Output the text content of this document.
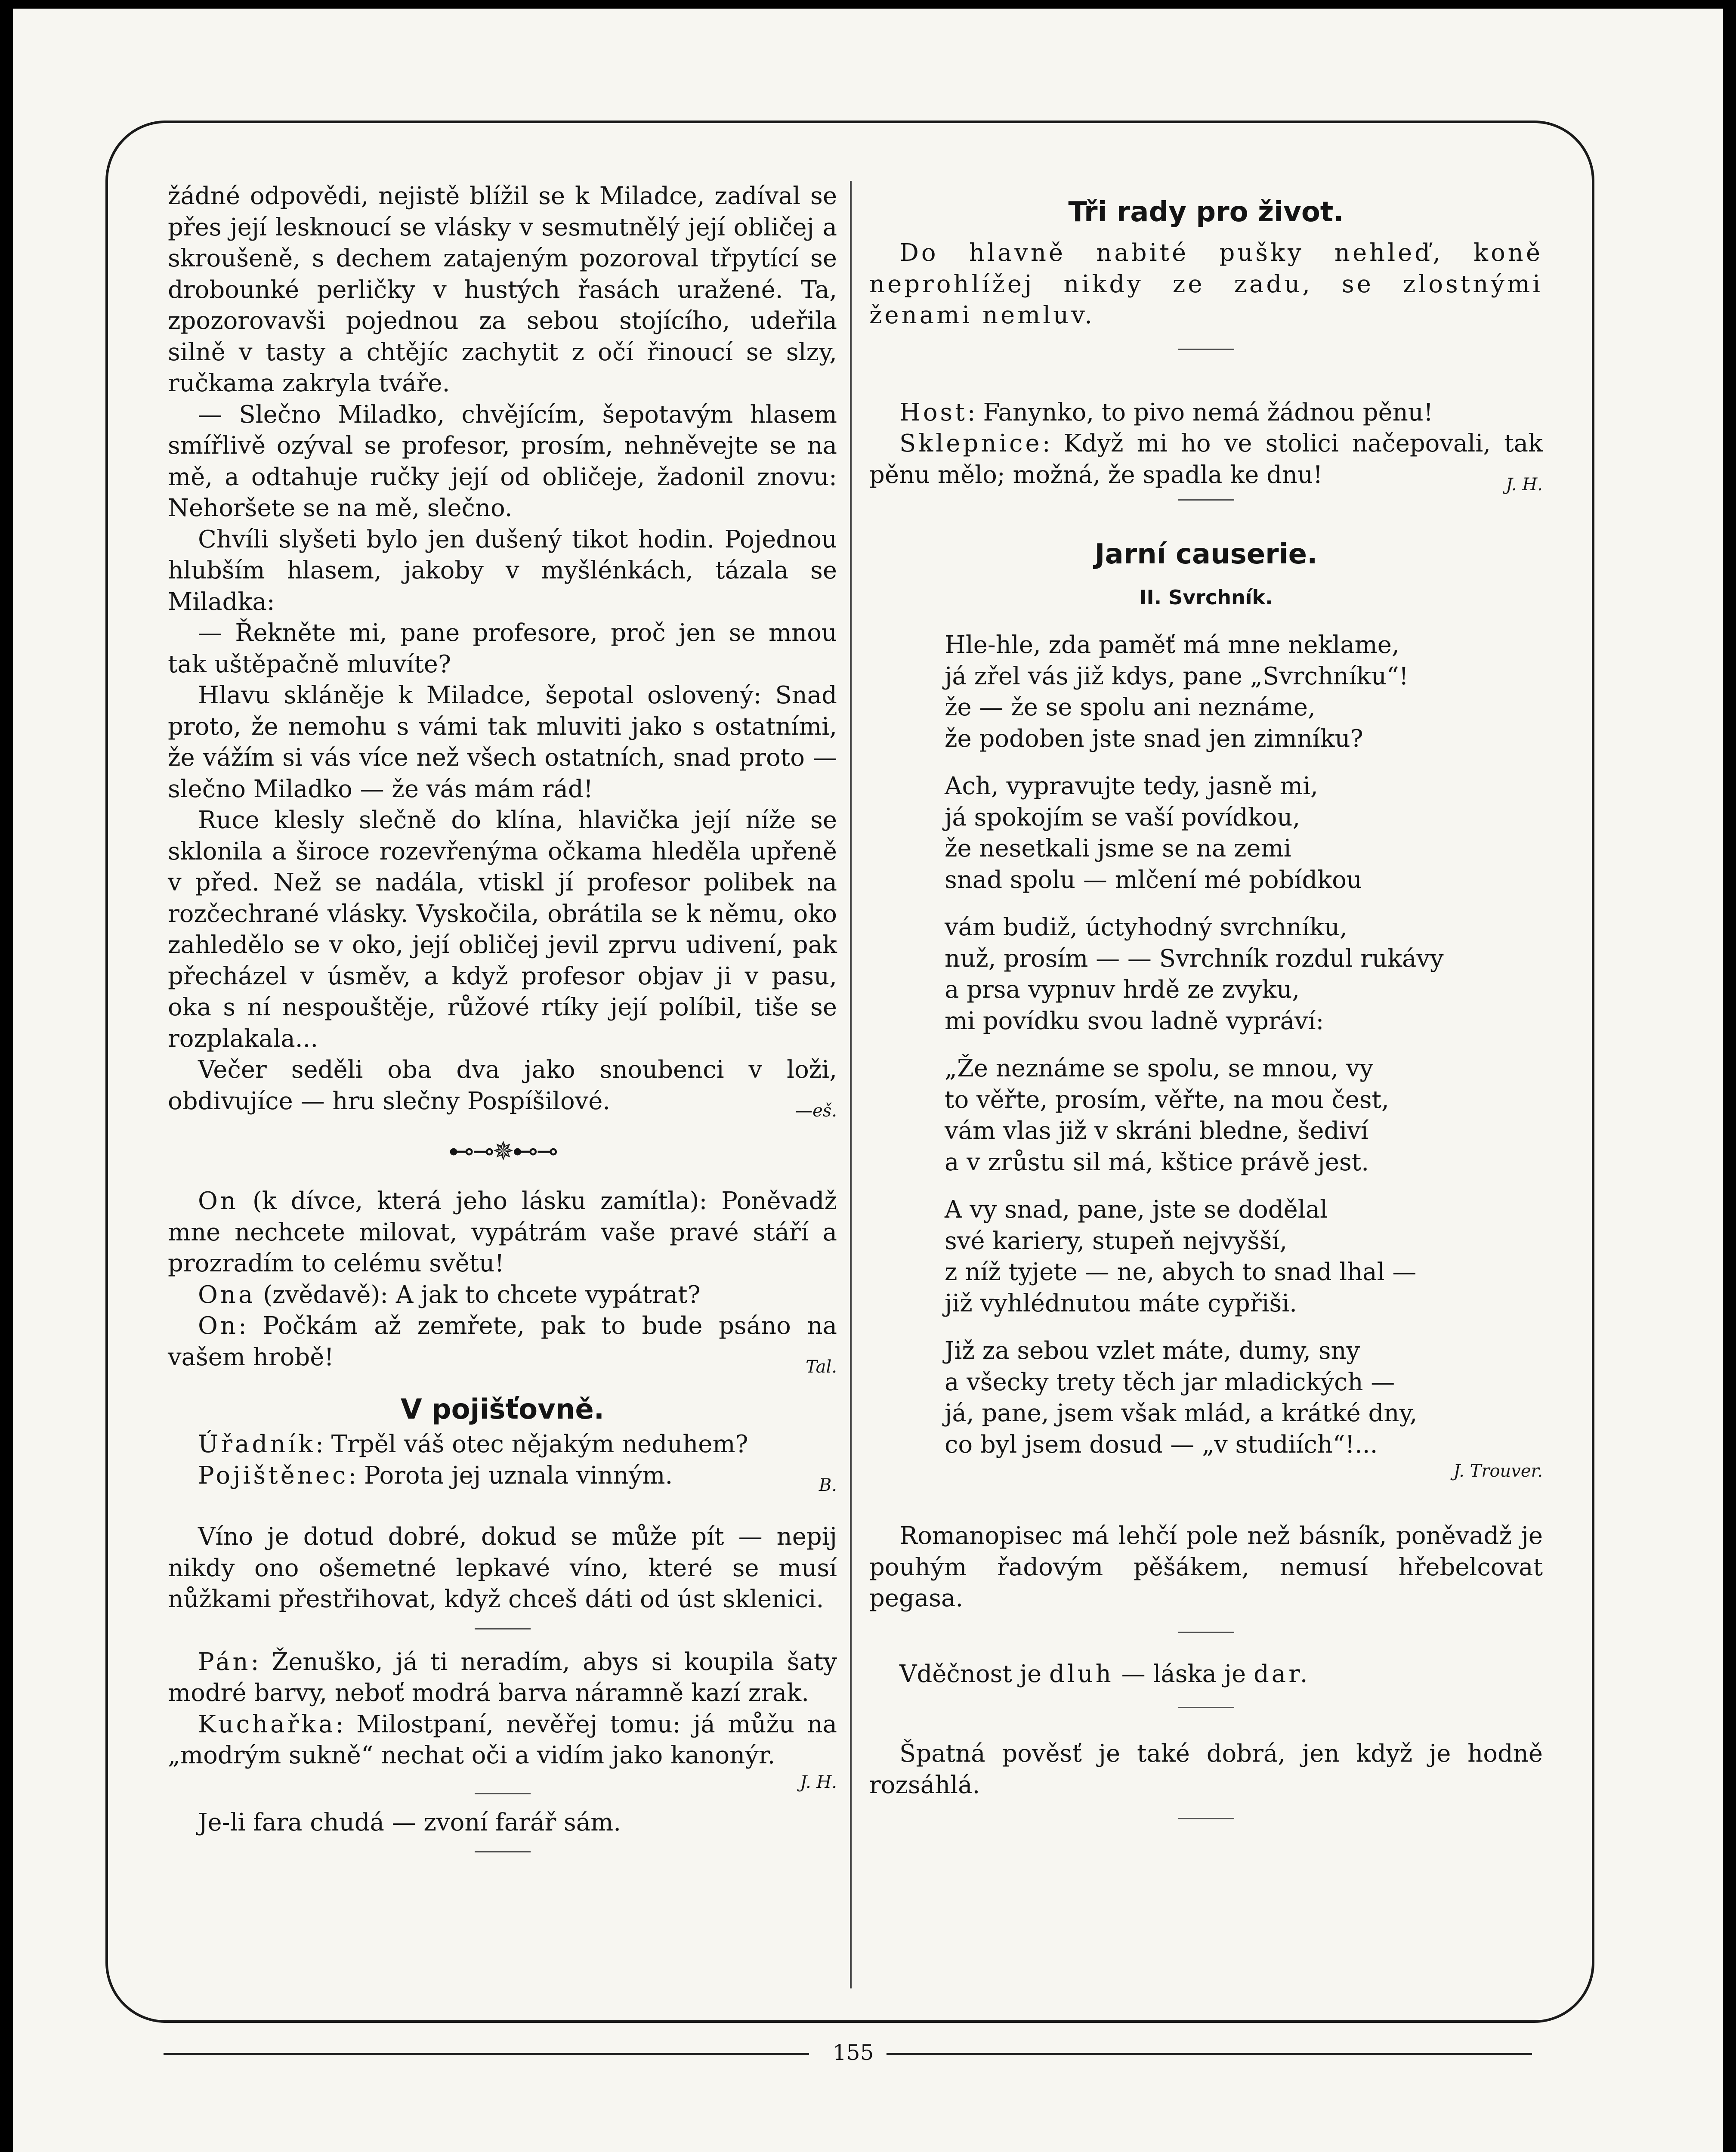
žádné odpovědi, nejistě blížil se k Miladce, zadíval se přes její lesknoucí se vlásky v sesmutnělý její obličej a skroušeně, s dechem zatajeným pozoroval třpytící se drobounké perličky v hustých řasách uražené. Ta, zpozorovavši pojednou za sebou stojícího, udeřila silně v tasty a chtějíc zachytit z očí řinoucí se slzy, ručkama zakryla tváře.

— Slečno Miladko, chvějícím, šepotavým hlasem smířlivě ozýval se profesor, prosím, nehněvejte se na mě, a odtahuje ručky její od obličeje, žadonil znovu: Nehoršete se na mě, slečno.

Chvíli slyšeti bylo jen dušený tikot hodin. Pojednou hlubším hlasem, jakoby v myšlénkách, tázala se Miladka:

— Řekněte mi, pane profesore, proč jen se mnou tak uštěpačně mluvíte?

Hlavu skláněje k Miladce, šepotal oslovený: Snad proto, že nemohu s vámi tak mluviti jako s ostatními, že vážím si vás více než všech ostatních, snad proto — slečno Miladko — že vás mám rád!

Ruce klesly slečně do klína, hlavička její níže se sklonila a široce rozevřenýma očkama hleděla upřeně v před. Než se nadála, vtiskl jí profesor polibek na rozčechrané vlásky. Vyskočila, obrátila se k němu, oko zahledělo se v oko, její obličej jevil zprvu udivení, pak přecházel v úsměv, a když profesor objav ji v pasu, oka s ní nespouštěje, růžové rtíky její políbil, tiše se rozplakala...

Večer seděli oba dva jako snoubenci v loži, obdivujíce — hru slečny Pospíšilové.	—eš.

⊷⊸✵⊷⊸

On (k dívce, která jeho lásku zamítla): Poněvadž mne nechcete milovat, vypátrám vaše pravé stáří a prozradím to celému světu!

Ona (zvědavě): A jak to chcete vypátrat?

On: Počkám až zemřete, pak to bude psáno na vašem hrobě!	Tal.

V pojišťovně.

Úřadník: Trpěl váš otec nějakým neduhem?

Pojištěnec: Porota jej uznala vinným.	B.

Víno je dotud dobré, dokud se může pít — nepij nikdy ono ošemetné lepkavé víno, které se musí nůžkami přestřihovat, když chceš dáti od úst sklenici.

Pán: Ženuško, já ti neradím, abys si koupila šaty modré barvy, neboť modrá barva náramně kazí zrak.

Kuchařka: Milostpaní, nevěřej tomu: já můžu na „modrým sukně“ nechat oči a vidím jako kanonýr.

J. H.

Je-li fara chudá — zvoní farář sám.

Tři rady pro život.

Do hlavně nabité pušky nehleď, koně neprohlížej nikdy ze zadu, se zlostnými ženami nemluv.

Host: Fanynko, to pivo nemá žádnou pěnu!

Sklepnice: Když mi ho ve stolici načepovali, tak pěnu mělo; možná, že spadla ke dnu!	J. H.

Jarní causerie.
II. Svrchník.
Hle-hle, zda paměť má mne neklame,
já zřel vás již kdys, pane „Svrchníku“!
že — že se spolu ani neznáme,
že podoben jste snad jen zimníku?
Ach, vypravujte tedy, jasně mi,
já spokojím se vaší povídkou,
že nesetkali jsme se na zemi
snad spolu — mlčení mé pobídkou
vám budiž, úctyhodný svrchníku,
nuž, prosím — — Svrchník rozdul rukávy
a prsa vypnuv hrdě ze zvyku,
mi povídku svou ladně vypráví:
„Že neznáme se spolu, se mnou, vy
to věřte, prosím, věřte, na mou čest,
vám vlas již v skráni bledne, šediví
a v zrůstu sil má, kštice právě jest.
A vy snad, pane, jste se dodělal
své kariery, stupeň nejvyšší,
z níž tyjete — ne, abych to snad lhal —
již vyhlédnutou máte cypřiši.
Již za sebou vzlet máte, dumy, sny
a všecky trety těch jar mladických —
já, pane, jsem však mlád, a krátké dny,
co byl jsem dosud — „v studiích“!...
J. Trouver.

Romanopisec má lehčí pole než básník, poněvadž je pouhým řadovým pěšákem, nemusí hřebelcovat pegasa.

Vděčnost je dluh — láska je dar.

Špatná pověsť je také dobrá, jen když je hodně rozsáhlá.

155
